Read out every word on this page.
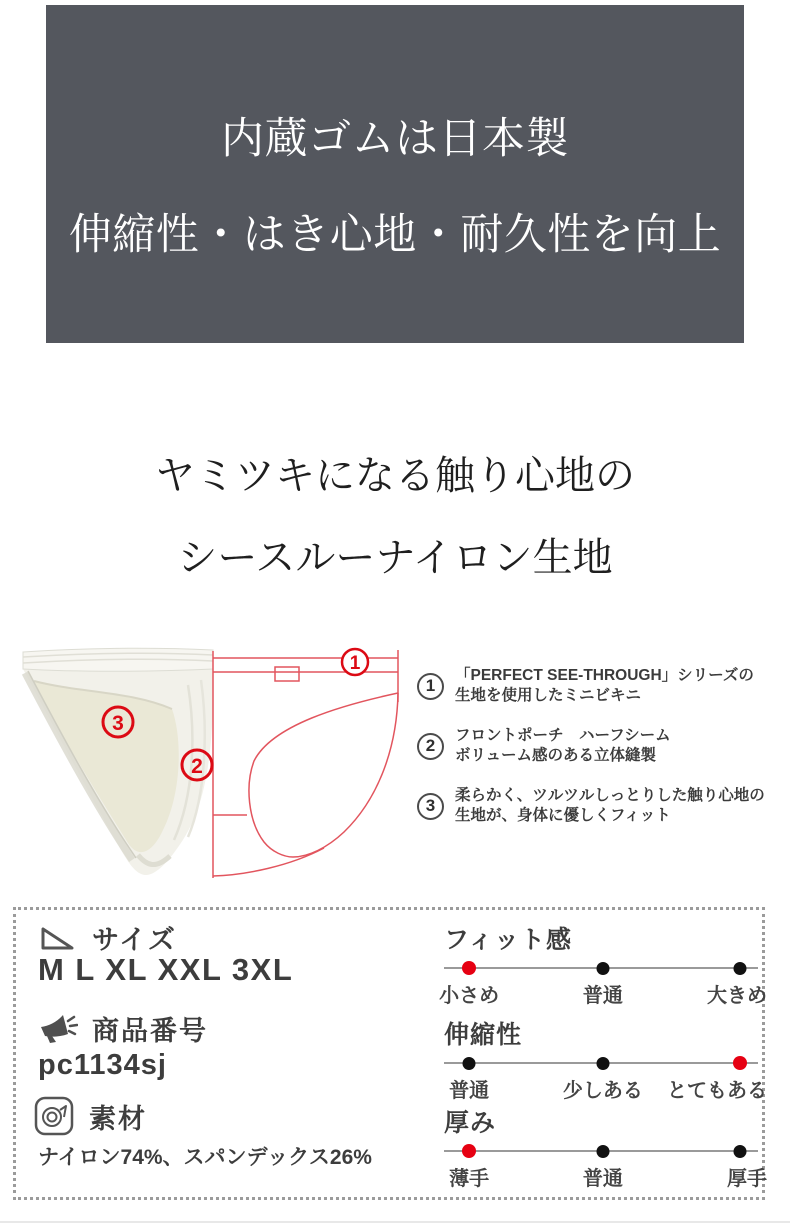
内蔵ゴムは日本製
伸縮性・はき心地・耐久性を向上
ヤミツキになる触り心地の
シースルーナイロン生地
1
2
3
1
「PERFECT SEE-THROUGH」シリーズの
生地を使用したミニビキニ
2
フロントポーチ　ハーフシーム
ボリューム感のある立体縫製
3
柔らかく、ツルツルしっとりした触り心地の
生地が、身体に優しくフィット
サイズ
M L XL XXL 3XL
商品番号
pc1134sj
素材
ナイロン74%、スパンデックス26%
フィット感
小さめ	普通	大きめ
伸縮性
普通	少しある とてもある
厚み
薄手	普通	厚手
